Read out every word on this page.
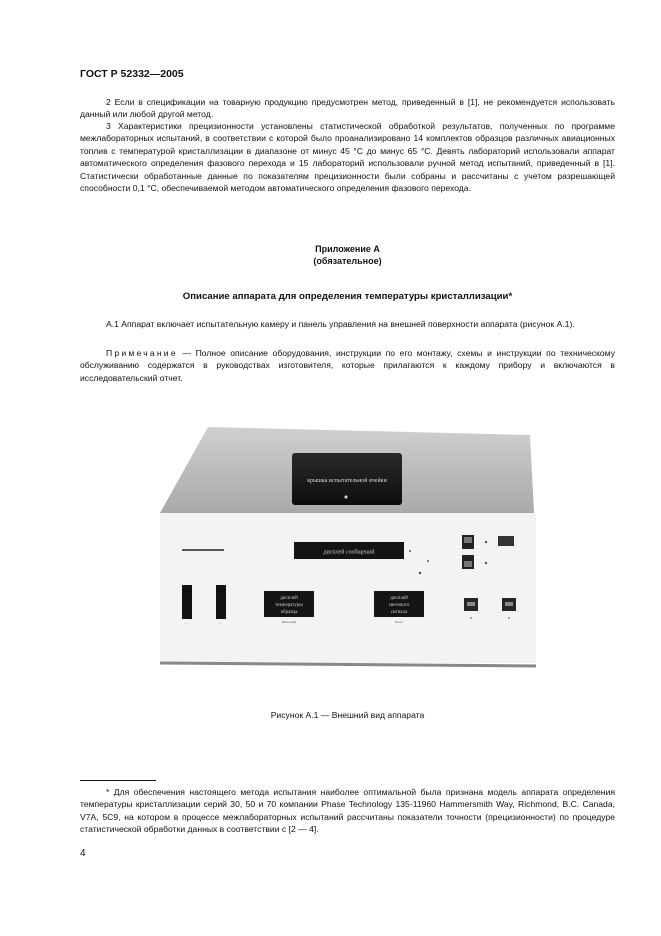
ГОСТ Р 52332—2005
2 Если в спецификации на товарную продукцию предусмотрен метод, приведенный в [1], не рекомендуется использовать данный или любой другой метод.
3 Характеристики прецизионности установлены статистической обработкой результатов, полученных по программе межлабораторных испытаний, в соответствии с которой было проанализировано 14 комплектов образцов различных авиационных топлив с температурой кристаллизации в диапазоне от минус 45 °С до минус 65 °С. Девять лабораторий использовали аппарат автоматического определения фазового перехода и 15 лабораторий использовали ручной метод испытаний, приведенный в [1]. Статистически обработанные данные по показателям прецизионности были собраны и рассчитаны с учетом разрешающей способности 0,1 °С, обеспечиваемой методом автоматического определения фазового перехода.
Приложение А
(обязательное)
Описание аппарата для определения температуры кристаллизации*
А.1 Аппарат включает испытательную камеру и панель управления на внешней поверхности аппарата (рисунок А.1).
Примечание — Полное описание оборудования, инструкции по его монтажу, схемы и инструкции по техническому обслуживанию содержатся в руководствах изготовителя, которые прилагаются к каждому прибору и включаются в исследовательский отчет.
крышка испытательной ячейки
дисплей сообщений
• ·	• ·
дисплей
температуры
образца
Шаговый
дисплей
светового
сигнала
Блок
Рисунок А.1 — Внешний вид аппарата
* Для обеспечения настоящего метода испытания наиболее оптимальной была признана модель аппарата определения температуры кристаллизации серий 30, 50 и 70 компании Phase Technology 135-11960 Hammersmith Way, Richmond, B.C. Canada, V7A, 5C9, на котором в процессе межлабораторных испытаний рассчитаны показатели точности (прецизионности) по процедуре статистической обработки данных в соответствии с [2 — 4].
4
